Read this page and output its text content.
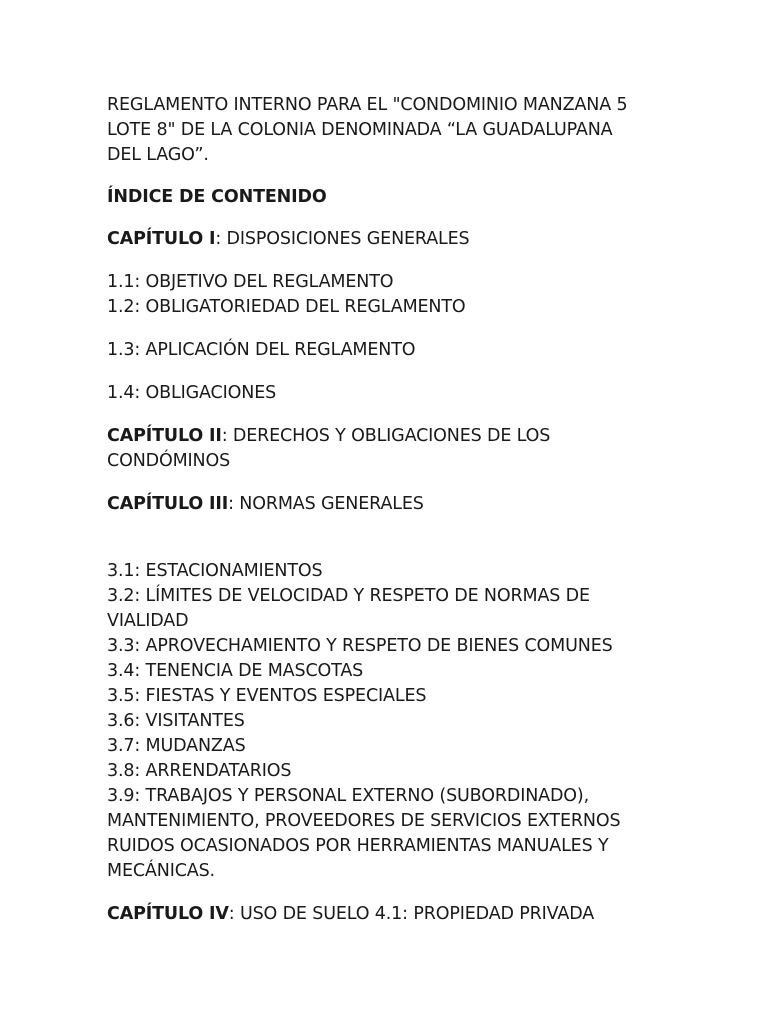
REGLAMENTO INTERNO PARA EL "CONDOMINIO MANZANA 5
LOTE 8" DE LA COLONIA DENOMINADA “LA GUADALUPANA
DEL LAGO”.
ÍNDICE DE CONTENIDO
CAPÍTULO I: DISPOSICIONES GENERALES
1.1: OBJETIVO DEL REGLAMENTO
1.2: OBLIGATORIEDAD DEL REGLAMENTO
1.3: APLICACIÓN DEL REGLAMENTO
1.4: OBLIGACIONES
CAPÍTULO II: DERECHOS Y OBLIGACIONES DE LOS
CONDÓMINOS
CAPÍTULO III: NORMAS GENERALES
3.1: ESTACIONAMIENTOS
3.2: LÍMITES DE VELOCIDAD Y RESPETO DE NORMAS DE
VIALIDAD
3.3: APROVECHAMIENTO Y RESPETO DE BIENES COMUNES
3.4: TENENCIA DE MASCOTAS
3.5: FIESTAS Y EVENTOS ESPECIALES
3.6: VISITANTES
3.7: MUDANZAS
3.8: ARRENDATARIOS
3.9: TRABAJOS Y PERSONAL EXTERNO (SUBORDINADO),
MANTENIMIENTO, PROVEEDORES DE SERVICIOS EXTERNOS
RUIDOS OCASIONADOS POR HERRAMIENTAS MANUALES Y
MECÁNICAS.
CAPÍTULO IV: USO DE SUELO 4.1: PROPIEDAD PRIVADA
